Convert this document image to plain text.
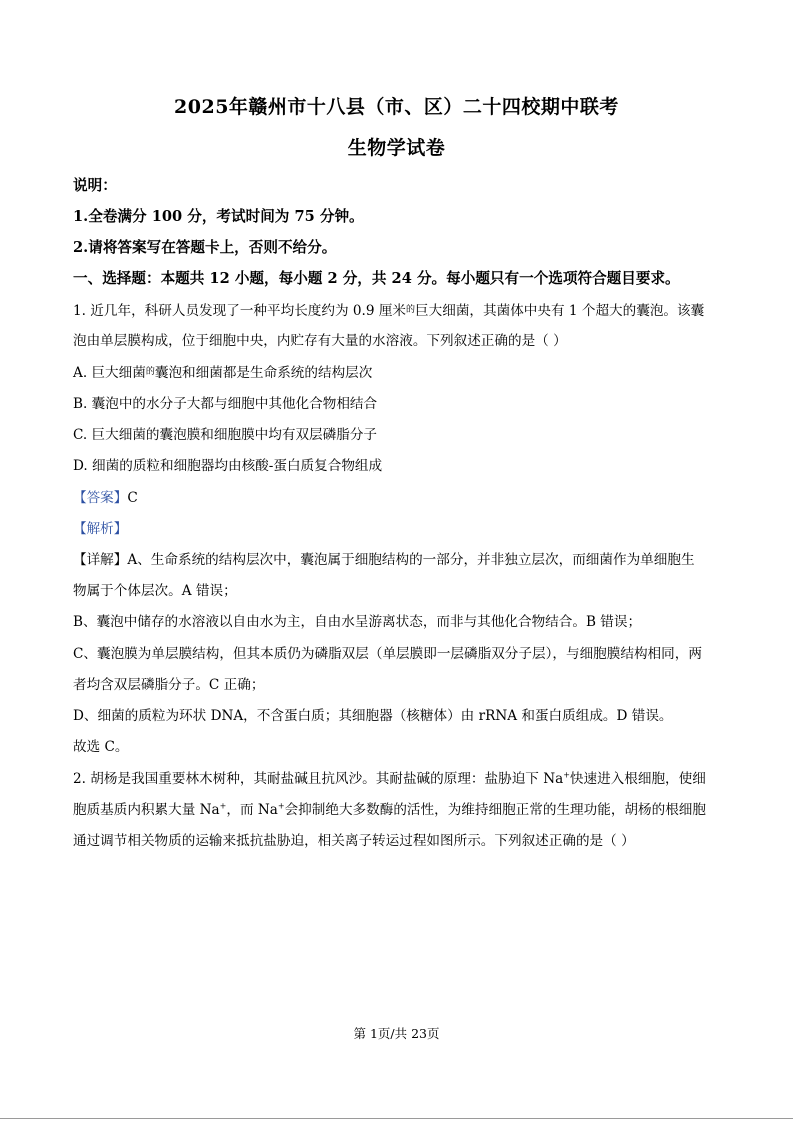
2025年赣州市十八县（市、区）二十四校期中联考
生物学试卷
说明：
1.全卷满分 100 分，考试时间为 75 分钟。
2.请将答案写在答题卡上，否则不给分。
一、选择题：本题共 12 小题，每小题 2 分，共 24 分。每小题只有一个选项符合题目要求。
1. 近几年，科研人员发现了一种平均长度约为 0.9 厘米$^的$巨大细菌，其菌体中央有 1 个超大的囊泡。该囊
泡由单层膜构成，位于细胞中央，内贮存有大量的水溶液。下列叙述正确的是（ ）
A. 巨大细菌$^的$囊泡和细菌都是生命系统的结构层次
B. 囊泡中的水分子大都与细胞中其他化合物相结合
C. 巨大细菌的囊泡膜和细胞膜中均有双层磷脂分子
D. 细菌的质粒和细胞器均由核酸-蛋白质复合物组成
【答案】C
【解析】
【详解】A、生命系统的结构层次中，囊泡属于细胞结构的一部分，并非独立层次，而细菌作为单细胞生
物属于个体层次。A 错误；
B、囊泡中储存的水溶液以自由水为主，自由水呈游离状态，而非与其他化合物结合。B 错误；
C、囊泡膜为单层膜结构，但其本质仍为磷脂双层（单层膜即一层磷脂双分子层），与细胞膜结构相同，两
者均含双层磷脂分子。C 正确；
D、细菌的质粒为环状 DNA，不含蛋白质；其细胞器（核糖体）由 rRNA 和蛋白质组成。D 错误。
故选 C。
2. 胡杨是我国重要林木树种，其耐盐碱且抗风沙。其耐盐碱的原理：盐胁迫下 Na+快速进入根细胞，使细
胞质基质内积累大量 Na+，而 Na+会抑制绝大多数酶的活性，为维持细胞正常的生理功能，胡杨的根细胞
通过调节相关物质的运输来抵抗盐胁迫，相关离子转运过程如图所示。下列叙述正确的是（ ）
第 1页/共 23页
